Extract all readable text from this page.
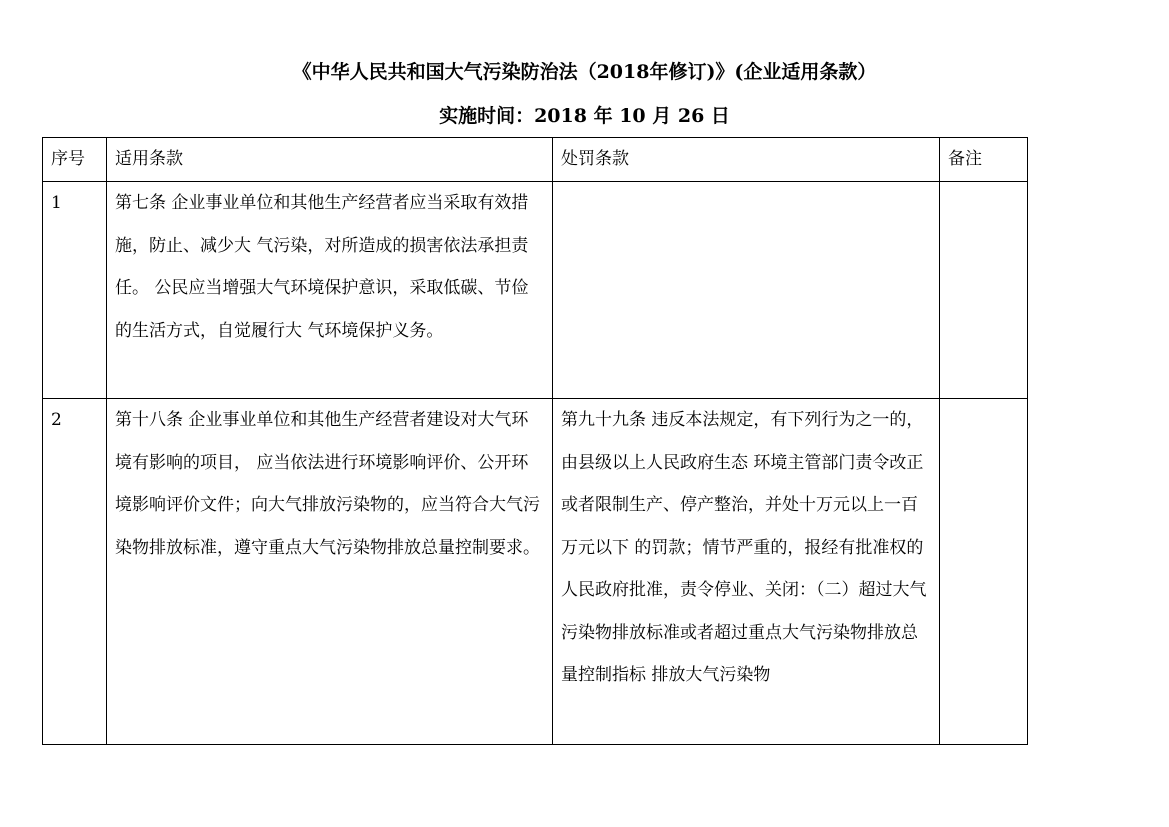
《中华人民共和国大气污染防治法（2018年修订)》(企业适用条款）
实施时间：2018 年 10 月 26 日
序号	适用条款	处罚条款	备注
1	第七条 企业事业单位和其他生产经营者应当采取有效措施，防止、减少大 气污染，对所造成的损害依法承担责任。 公民应当增强大气环境保护意识，采取低碳、节俭的生活方式，自觉履行大 气环境保护义务。		
2	第十八条 企业事业单位和其他生产经营者建设对大气环境有影响的项目， 应当依法进行环境影响评价、公开环境影响评价文件；向大气排放污染物的，应当符合大气污染物排放标准，遵守重点大气污染物排放总量控制要求。	第九十九条 违反本法规定，有下列行为之一的，由县级以上人民政府生态 环境主管部门责令改正或者限制生产、停产整治，并处十万元以上一百万元以下 的罚款；情节严重的，报经有批准权的人民政府批准，责令停业、关闭：（二）超过大气污染物排放标准或者超过重点大气污染物排放总量控制指标 排放大气污染物	
